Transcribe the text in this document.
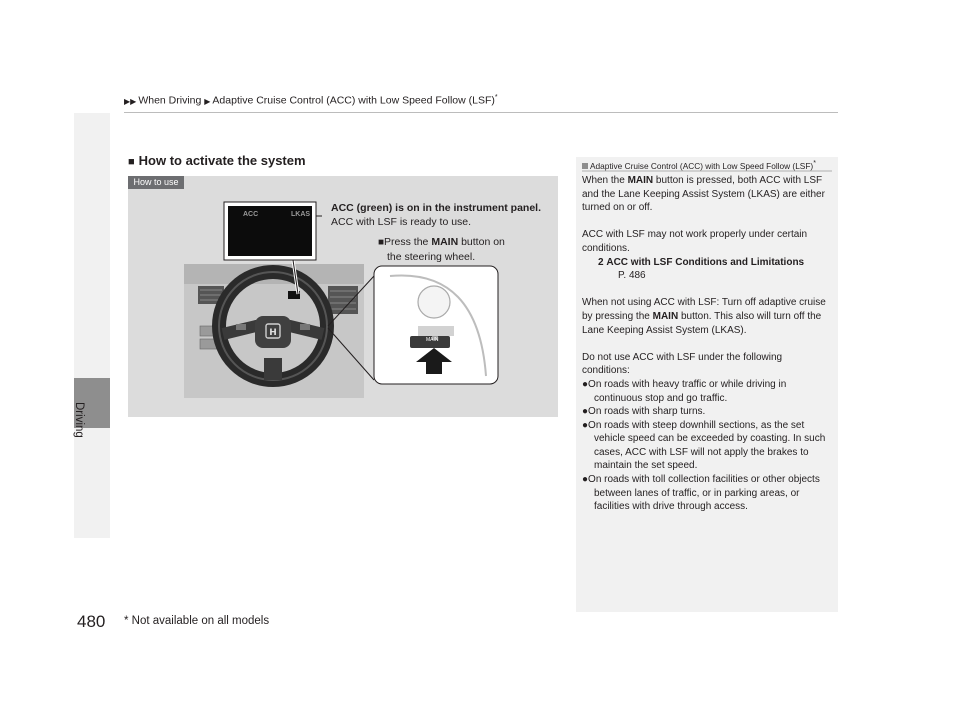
▶▶ When Driving ▶ Adaptive Cruise Control (ACC) with Low Speed Follow (LSF)*
Driving
■ How to activate the system
How to use
H
ACC	LKAS
MAIN
ACC (green) is on in the instrument panel.
ACC with LSF is ready to use.
■Press the MAIN button on
the steering wheel.
Adaptive Cruise Control (ACC) with Low Speed Follow (LSF)*

When the MAIN button is pressed, both ACC with LSF and the Lane Keeping Assist System (LKAS) are either turned on or off.

ACC with LSF may not work properly under certain conditions.

2 ACC with LSF Conditions and Limitations

P. 486

When not using ACC with LSF: Turn off adaptive cruise by pressing the MAIN button. This also will turn off the Lane Keeping Assist System (LKAS).

Do not use ACC with LSF under the following conditions:

●On roads with heavy traffic or while driving in continuous stop and go traffic.
●On roads with sharp turns.
●On roads with steep downhill sections, as the set vehicle speed can be exceeded by coasting. In such cases, ACC with LSF will not apply the brakes to maintain the set speed.
●On roads with toll collection facilities or other objects between lanes of traffic, or in parking areas, or facilities with drive through access.
480 * Not available on all models
